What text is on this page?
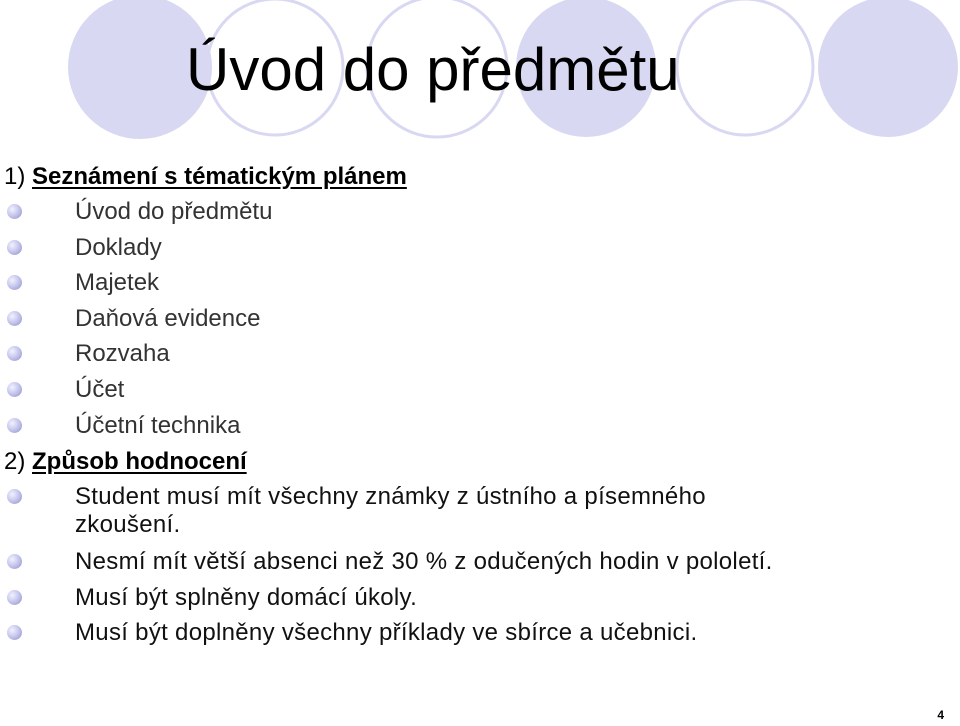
Úvod do předmětu
1) Seznámení s tématickým plánem
Úvod do předmětu
Doklady
Majetek
Daňová evidence
Rozvaha
Účet
Účetní technika
2) Způsob hodnocení
Student musí mít všechny známky z ústního a písemného
zkoušení.
Nesmí mít větší absenci než 30 % z odučených hodin v pololetí.
Musí být splněny domácí úkoly.
Musí být doplněny všechny příklady ve sbírce a učebnici.
4
